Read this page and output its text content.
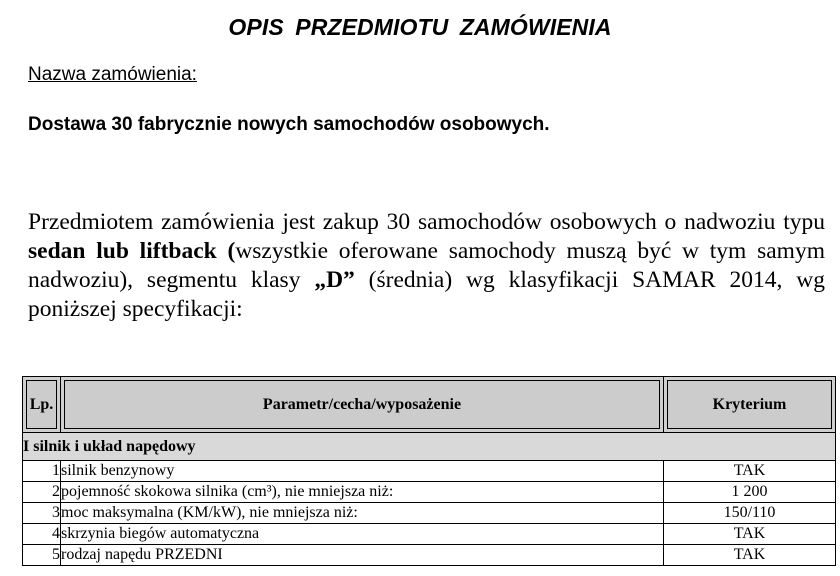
OPIS PRZEDMIOTU ZAMÓWIENIA
Nazwa zamówienia:
Dostawa 30 fabrycznie nowych samochodów osobowych.
Przedmiotem zamówienia jest zakup 30 samochodów osobowych o nadwoziu typu sedan lub liftback (wszystkie oferowane samochody muszą być w tym samym nadwoziu), segmentu klasy „D” (średnia) wg klasyfikacji SAMAR 2014, wg poniższej specyfikacji:
Lp.	Parametr/cecha/wyposażenie	Kryterium

I silnik i układ napędowy		
1	silnik benzynowy	TAK
2	pojemność skokowa silnika (cm³), nie mniejsza niż:	1 200
3	moc maksymalna (KM/kW), nie mniejsza niż:	150/110
4	skrzynia biegów automatyczna	TAK
5	rodzaj napędu PRZEDNI	TAK
